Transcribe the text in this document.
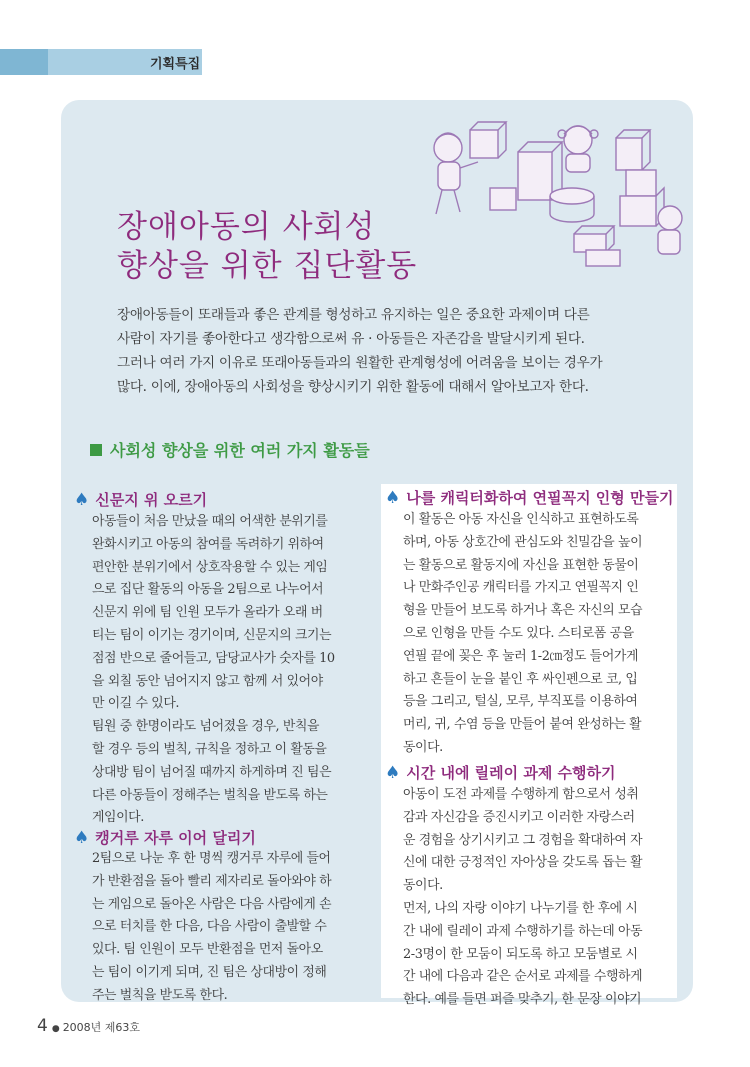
기획특집
장애아동의 사회성
향상을 위한 집단활동
장애아동들이 또래들과 좋은 관계를 형성하고 유지하는 일은 중요한 과제이며 다른
사람이 자기를 좋아한다고 생각함으로써 유 · 아동들은 자존감을 발달시키게 된다.
그러나 여러 가지 이유로 또래아동들과의 원활한 관계형성에 어려움을 보이는 경우가
많다. 이에, 장애아동의 사회성을 향상시키기 위한 활동에 대해서 알아보고자 한다.
사회성 향상을 위한 여러 가지 활동들
♠ 신문지 위 오르기
아동들이 처음 만났을 때의 어색한 분위기를
완화시키고 아동의 참여를 독려하기 위하여
편안한 분위기에서 상호작용할 수 있는 게임
으로 집단 활동의 아동을 2팀으로 나누어서
신문지 위에 팀 인원 모두가 올라가 오래 버
티는 팀이 이기는 경기이며, 신문지의 크기는
점점 반으로 줄어들고, 담당교사가 숫자를 10
을 외칠 동안 넘어지지 않고 함께 서 있어야
만 이길 수 있다.
팀원 중 한명이라도 넘어졌을 경우, 반칙을
할 경우 등의 벌칙, 규칙을 정하고 이 활동을
상대방 팀이 넘어질 때까지 하게하며 진 팀은
다른 아동들이 정해주는 벌칙을 받도록 하는
게임이다.
♠ 캥거루 자루 이어 달리기
2팀으로 나눈 후 한 명씩 캥거루 자루에 들어
가 반환점을 돌아 빨리 제자리로 돌아와야 하
는 게임으로 돌아온 사람은 다음 사람에게 손
으로 터치를 한 다음, 다음 사람이 출발할 수
있다. 팀 인원이 모두 반환점을 먼저 돌아오
는 팀이 이기게 되며, 진 팀은 상대방이 정해
주는 벌칙을 받도록 한다.
♠ 나를 캐릭터화하여 연필꼭지 인형 만들기
이 활동은 아동 자신을 인식하고 표현하도록
하며, 아동 상호간에 관심도와 친밀감을 높이
는 활동으로 활동지에 자신을 표현한 동물이
나 만화주인공 캐릭터를 가지고 연필꼭지 인
형을 만들어 보도록 하거나 혹은 자신의 모습
으로 인형을 만들 수도 있다. 스티로폼 공을
연필 끝에 꽂은 후 눌러 1-2㎝정도 들어가게
하고 흔들이 눈을 붙인 후 싸인펜으로 코, 입
등을 그리고, 털실, 모루, 부직포를 이용하여
머리, 귀, 수염 등을 만들어 붙여 완성하는 활
동이다.
♠ 시간 내에 릴레이 과제 수행하기
아동이 도전 과제를 수행하게 함으로서 성취
감과 자신감을 증진시키고 이러한 자랑스러
운 경험을 상기시키고 그 경험을 확대하여 자
신에 대한 긍정적인 자아상을 갖도록 돕는 활
동이다.
먼저, 나의 자랑 이야기 나누기를 한 후에 시
간 내에 릴레이 과제 수행하기를 하는데 아동
2-3명이 한 모둠이 되도록 하고 모둠별로 시
간 내에 다음과 같은 순서로 과제를 수행하게
한다. 예를 들면 퍼즐 맞추기, 한 문장 이야기
4 ● 2008년 제63호
